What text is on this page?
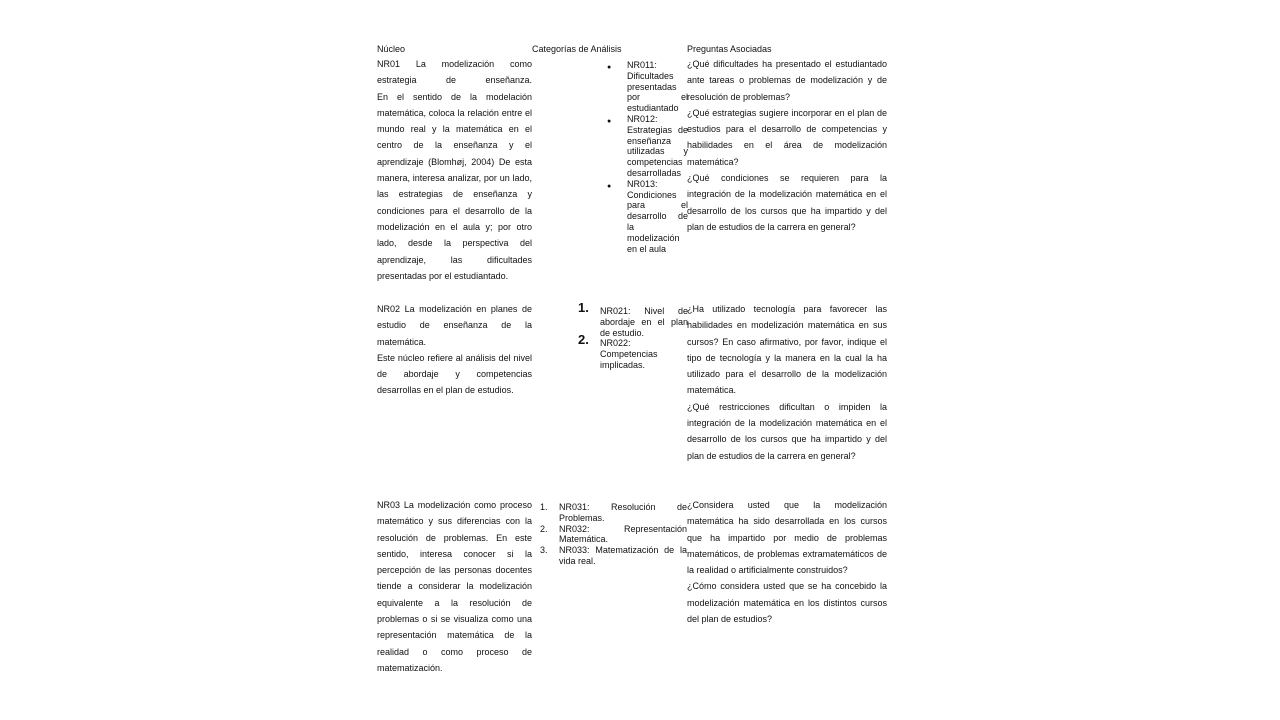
Núcleo	Categorías de Análisis	Preguntas Asociadas

NR01 La modelización como estrategia de enseñanza.

En el sentido de la modelación matemática, coloca la relación entre el mundo real y la matemática en el centro de la enseñanza y el aprendizaje (Blomhøj, 2004) De esta manera, interesa analizar, por un lado, las estrategias de enseñanza y condiciones para el desarrollo de la modelización en el aula y; por otro lado, desde la perspectiva del aprendizaje, las dificultades presentadas por el estudiantado.

● NR011: Dificultades presentadas por el estudiantado
● NR012: Estrategias de enseñanza utilizadas y competencias desarrolladas
● NR013: Condiciones para el desarrollo de la modelización en el aula

¿Qué dificultades ha presentado el estudiantado ante tareas o problemas de modelización y de resolución de problemas?

¿Qué estrategias sugiere incorporar en el plan de estudios para el desarrollo de competencias y habilidades en el área de modelización matemática?

¿Qué condiciones se requieren para la integración de la modelización matemática en el desarrollo de los cursos que ha impartido y del plan de estudios de la carrera en general?

NR02 La modelización en planes de estudio de enseñanza de la matemática.

Este núcleo refiere al análisis del nivel de abordaje y competencias desarrollas en el plan de estudios.

1. NR021: Nivel de abordaje en el plan de estudio.
2. NR022: Competencias implicadas.

¿Ha utilizado tecnología para favorecer las habilidades en modelización matemática en sus cursos? En caso afirmativo, por favor, indique el tipo de tecnología y la manera en la cual la ha utilizado para el desarrollo de la modelización matemática.

¿Qué restricciones dificultan o impiden la integración de la modelización matemática en el desarrollo de los cursos que ha impartido y del plan de estudios de la carrera en general?

NR03 La modelización como proceso matemático y sus diferencias con la resolución de problemas. En este sentido, interesa conocer si la percepción de las personas docentes tiende a considerar la modelización equivalente a la resolución de problemas o si se visualiza como una representación matemática de la realidad o como proceso de matematización.

1. NR031: Resolución de Problemas.
2. NR032: Representación Matemática.
3. NR033: Matematización de la vida real.

¿Considera usted que la modelización matemática ha sido desarrollada en los cursos que ha impartido por medio de problemas matemáticos, de problemas extramatemáticos de la realidad o artificialmente construidos?

¿Cómo considera usted que se ha concebido la modelización matemática en los distintos cursos del plan de estudios?
